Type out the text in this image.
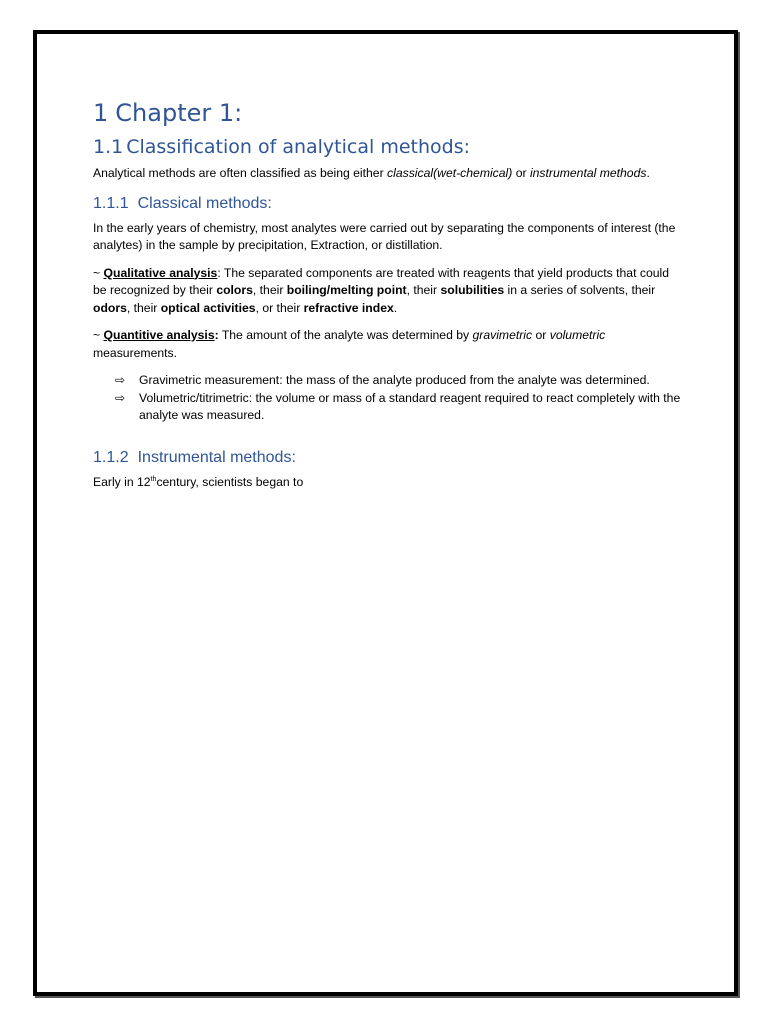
1 Chapter 1:
1.1 Classification of analytical methods:

Analytical methods are often classified as being either classical(wet-chemical) or instrumental methods.

1.1.1 Classical methods:

In the early years of chemistry, most analytes were carried out by separating the components of interest (the analytes) in the sample by precipitation, Extraction, or distillation.

~ Qualitative analysis: The separated components are treated with reagents that yield products that could be recognized by their colors, their boiling/melting point, their solubilities in a series of solvents, their odors, their optical activities, or their refractive index.

~ Quantitive analysis: The amount of the analyte was determined by gravimetric or volumetric measurements.

⇨ Gravimetric measurement: the mass of the analyte produced from the analyte was determined.
⇨ Volumetric/titrimetric: the volume or mass of a standard reagent required to react completely with the analyte was measured.
1.1.2 Instrumental methods:

Early in 12thcentury, scientists began to
